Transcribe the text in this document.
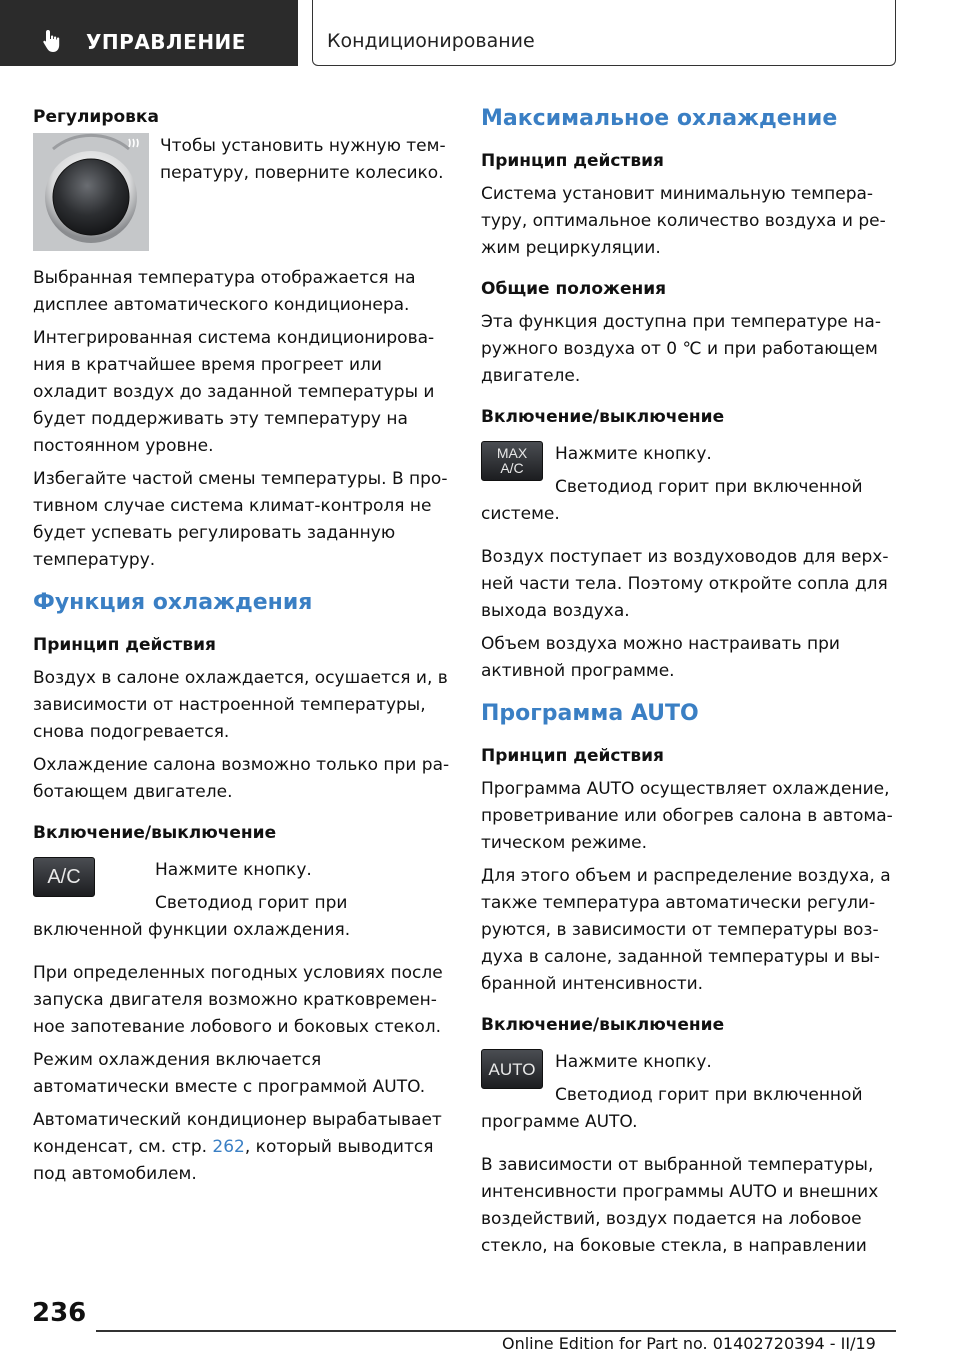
УПРАВЛЕНИЕ	Кондиционирование
Регулировка
Чтобы установить нужную температуру, поверните колесико.

Выбранная температура отображается на дисплее автоматического кондиционера.

Интегрированная система кондиционирования в кратчайшее время прогреет или охладит воздух до заданной температуры и будет поддерживать эту температуру на постоянном уровне.

Избегайте частой смены температуры. В противном случае система климат-контроля не будет успевать регулировать заданную температуру.

Функция охлаждения
Принцип действия

Воздух в салоне охлаждается, осушается и, в зависимости от настроенной температуры, снова подогревается.

Охлаждение салона возможно только при работающем двигателе.

Включение/выключение
A/C	Нажмите кнопку.

Светодиод горит при включенной функции охлаждения.

При определенных погодных условиях после запуска двигателя возможно кратковременное запотевание лобового и боковых стекол.

Режим охлаждения включается автоматически вместе с программой AUTO.

Автоматический кондиционер вырабатывает конденсат, см. стр. 262, который выводится под автомобилем.

Максимальное охлаждение
Принцип действия

Система установит минимальную температуру, оптимальное количество воздуха и режим рециркуляции.

Общие положения

Эта функция доступна при температуре наружного воздуха от 0 ℃ и при работающем двигателе.

Включение/выключение
MAX
A/C
Нажмите кнопку.

Светодиод горит при включенной системе.

Воздух поступает из воздуховодов для верхней части тела. Поэтому откройте сопла для выхода воздуха.

Объем воздуха можно настраивать при активной программе.

Программа AUTO
Принцип действия

Программа AUTO осуществляет охлаждение, проветривание или обогрев салона в автоматическом режиме.

Для этого объем и распределение воздуха, а также температура автоматически регулируются, в зависимости от температуры воздуха в салоне, заданной температуры и выбранной интенсивности.

Включение/выключение
AUTO Нажмите кнопку.

Светодиод горит при включенной программе AUTO.

В зависимости от выбранной температуры, интенсивности программы AUTO и внешних воздействий, воздух подается на лобовое стекло, на боковые стекла, в направлении

236
Online Edition for Part no. 01402720394 - II/19
